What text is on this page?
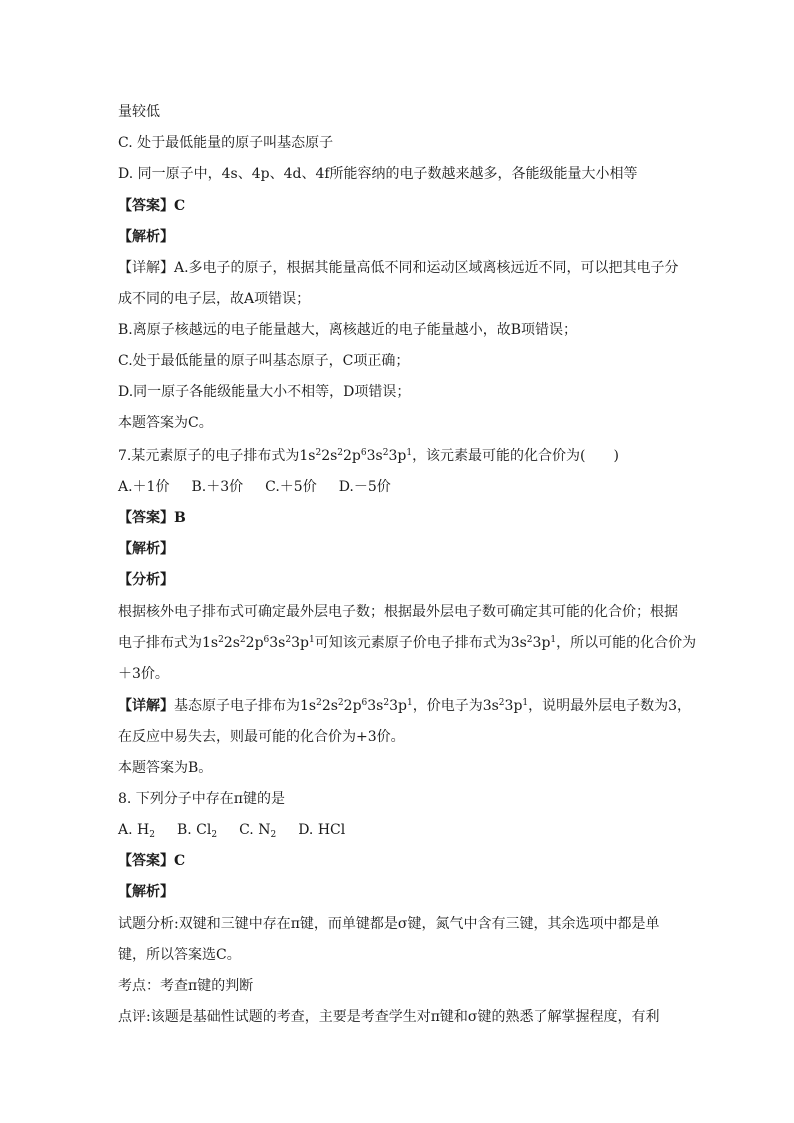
量较低
C. 处于最低能量的原子叫基态原子
D. 同一原子中，4s、4p、4d、4f所能容纳的电子数越来越多，各能级能量大小相等
【答案】C
【解析】
【详解】A.多电子的原子，根据其能量高低不同和运动区域离核远近不同，可以把其电子分
成不同的电子层，故A项错误；
B.离原子核越远的电子能量越大，离核越近的电子能量越小，故B项错误；
C.处于最低能量的原子叫基态原子，C项正确；
D.同一原子各能级能量大小不相等，D项错误；
本题答案为C。
7.某元素原子的电子排布式为$1s^22s^22p^63s^23p^1$，该元素最可能的化合价为(　　)
A.＋1价 B.＋3价 C.＋5价 D.－5价
【答案】B
【解析】
【分析】
根据核外电子排布式可确定最外层电子数；根据最外层电子数可确定其可能的化合价；根据
电子排布式为$1s^22s^22p^63s^23p^1$可知该元素原子价电子排布式为$3s^23p^1$，所以可能的化合价为
＋3价。
【详解】基态原子电子排布为$1s^22s^22p^63s^23p^1$，价电子为$3s^23p^1$，说明最外层电子数为3，
在反应中易失去，则最可能的化合价为+3价。
本题答案为B。
8. 下列分子中存在π键的是
A. $H_2$ B. $Cl_2$ C. $N_2$ D. HCl
【答案】C
【解析】
试题分析:双键和三键中存在π键，而单键都是σ键，氮气中含有三键，其余选项中都是单
键，所以答案选C。
考点：考查π键的判断
点评:该题是基础性试题的考查，主要是考查学生对π键和σ键的熟悉了解掌握程度，有利
